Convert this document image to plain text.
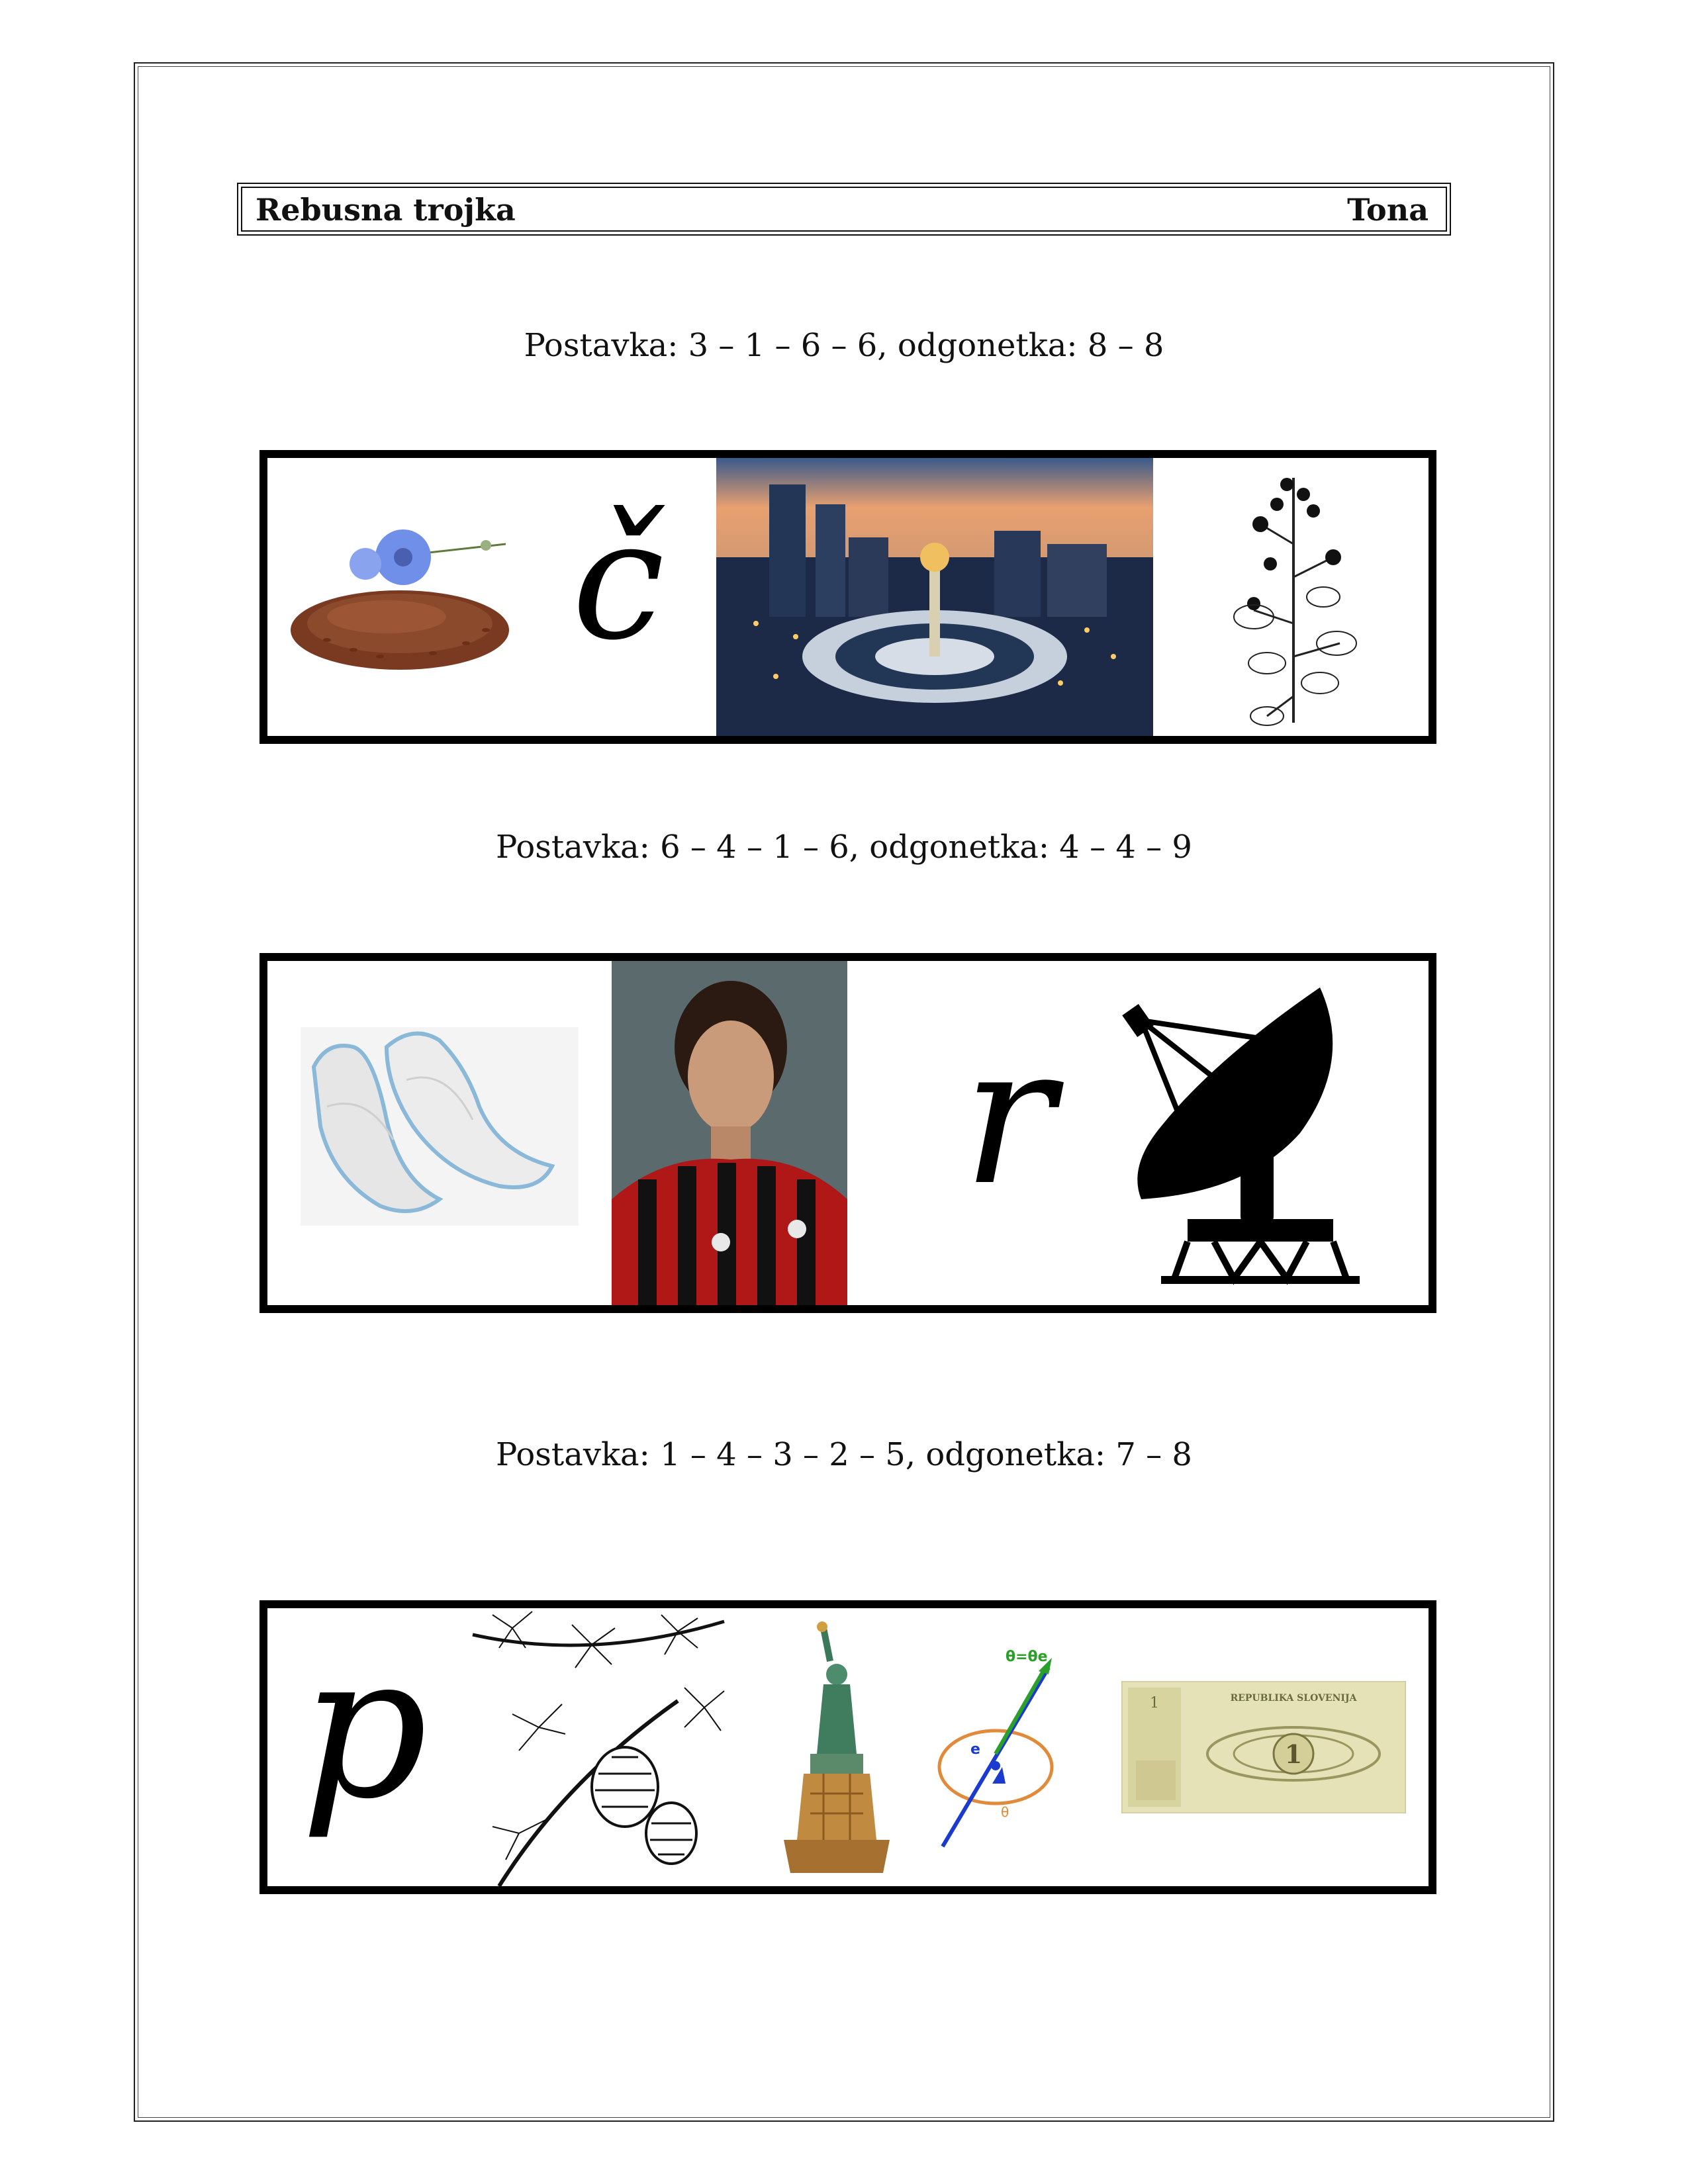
Rebusna trojka	Tona
Postavka: 3 – 1 – 6 – 6, odgonetka: 8 – 8
č
Postavka: 6 – 4 – 1 – 6, odgonetka: 4 – 4 – 9
r
Postavka: 1 – 4 – 3 – 2 – 5, odgonetka: 7 – 8
p	θ=θe
e
θ
1	REPUBLIKA SLOVENIJA
1
